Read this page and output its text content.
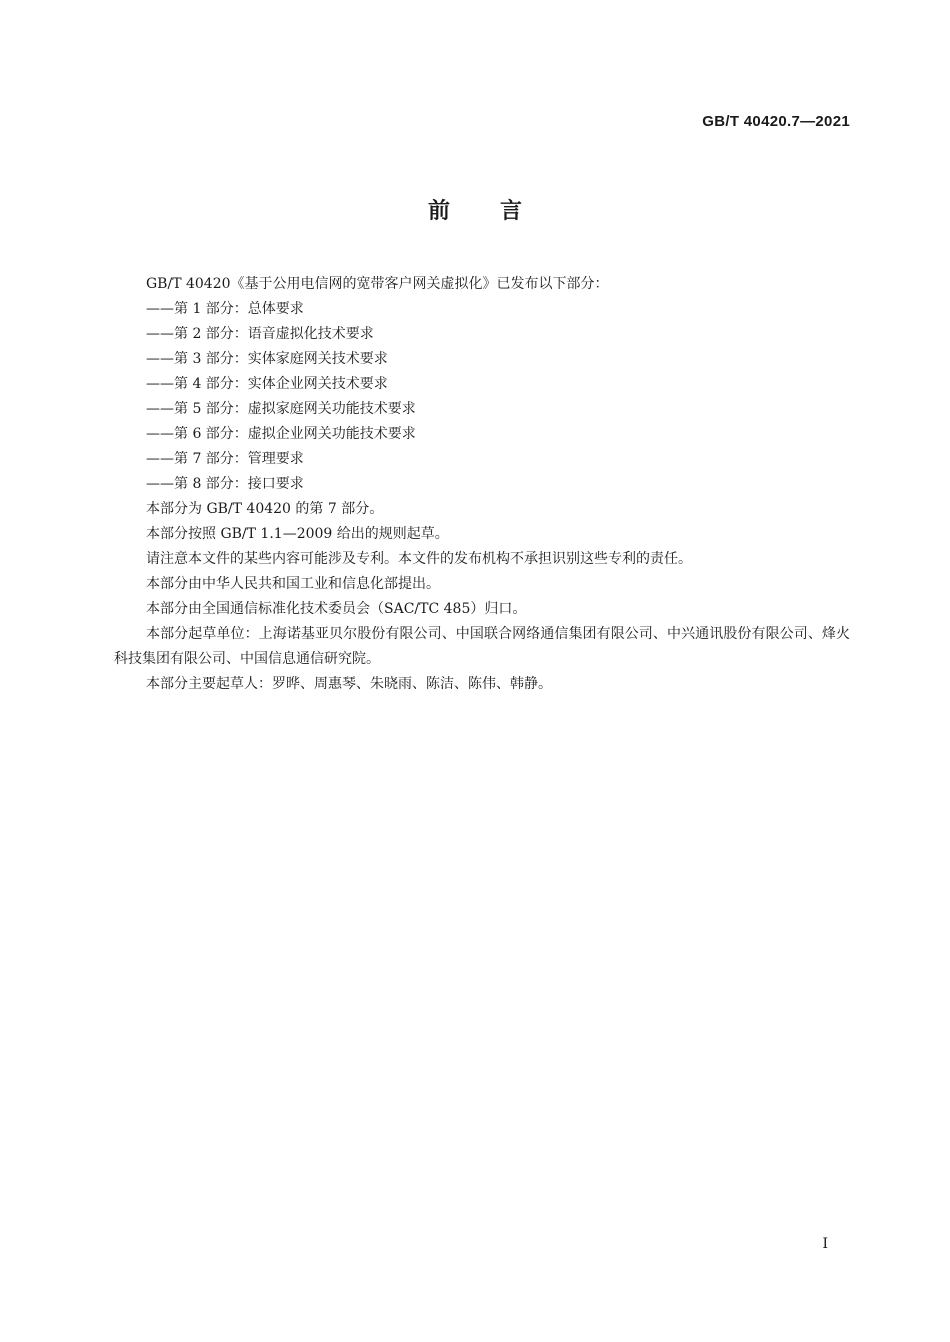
GB/T 40420.7—2021
前言

GB/T 40420《基于公用电信网的宽带客户网关虚拟化》已发布以下部分：

——第 1 部分：总体要求

——第 2 部分：语音虚拟化技术要求

——第 3 部分：实体家庭网关技术要求

——第 4 部分：实体企业网关技术要求

——第 5 部分：虚拟家庭网关功能技术要求

——第 6 部分：虚拟企业网关功能技术要求

——第 7 部分：管理要求

——第 8 部分：接口要求

本部分为 GB/T 40420 的第 7 部分。

本部分按照 GB/T 1.1—2009 给出的规则起草。

请注意本文件的某些内容可能涉及专利。本文件的发布机构不承担识别这些专利的责任。

本部分由中华人民共和国工业和信息化部提出。

本部分由全国通信标准化技术委员会（SAC/TC 485）归口。

本部分起草单位：上海诺基亚贝尔股份有限公司、中国联合网络通信集团有限公司、中兴通讯股份有限公司、烽火科技集团有限公司、中国信息通信研究院。

本部分主要起草人：罗晔、周惠琴、朱晓雨、陈洁、陈伟、韩静。

I
